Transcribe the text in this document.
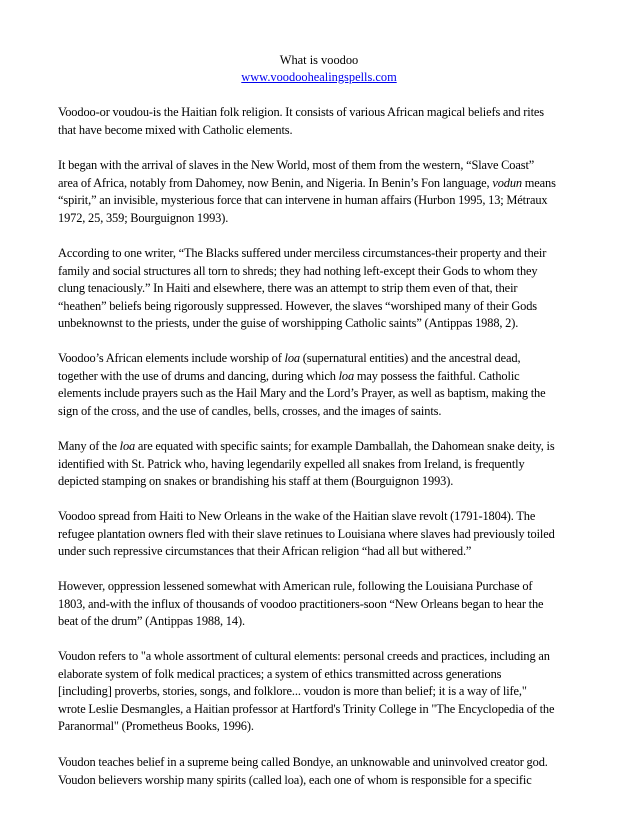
What is voodoo
www.voodoohealingspells.com

Voodoo-or voudou-is the Haitian folk religion. It consists of various African magical beliefs and rites
that have become mixed with Catholic elements.

It began with the arrival of slaves in the New World, most of them from the western, “Slave Coast”
area of Africa, notably from Dahomey, now Benin, and Nigeria. In Benin’s Fon language, vodun means
“spirit,” an invisible, mysterious force that can intervene in human affairs (Hurbon 1995, 13; Métraux
1972, 25, 359; Bourguignon 1993).

According to one writer, “The Blacks suffered under merciless circumstances-their property and their
family and social structures all torn to shreds; they had nothing left-except their Gods to whom they
clung tenaciously.” In Haiti and elsewhere, there was an attempt to strip them even of that, their
“heathen” beliefs being rigorously suppressed. However, the slaves “worshiped many of their Gods
unbeknownst to the priests, under the guise of worshipping Catholic saints” (Antippas 1988, 2).

Voodoo’s African elements include worship of loa (supernatural entities) and the ancestral dead,
together with the use of drums and dancing, during which loa may possess the faithful. Catholic
elements include prayers such as the Hail Mary and the Lord’s Prayer, as well as baptism, making the
sign of the cross, and the use of candles, bells, crosses, and the images of saints.

Many of the loa are equated with specific saints; for example Damballah, the Dahomean snake deity, is
identified with St. Patrick who, having legendarily expelled all snakes from Ireland, is frequently
depicted stamping on snakes or brandishing his staff at them (Bourguignon 1993).

Voodoo spread from Haiti to New Orleans in the wake of the Haitian slave revolt (1791-1804). The
refugee plantation owners fled with their slave retinues to Louisiana where slaves had previously toiled
under such repressive circumstances that their African religion “had all but withered.”

However, oppression lessened somewhat with American rule, following the Louisiana Purchase of
1803, and-with the influx of thousands of voodoo practitioners-soon “New Orleans began to hear the
beat of the drum” (Antippas 1988, 14).

Voudon refers to "a whole assortment of cultural elements: personal creeds and practices, including an
elaborate system of folk medical practices; a system of ethics transmitted across generations
[including] proverbs, stories, songs, and folklore... voudon is more than belief; it is a way of life,"
wrote Leslie Desmangles, a Haitian professor at Hartford's Trinity College in "The Encyclopedia of the
Paranormal" (Prometheus Books, 1996).

Voudon teaches belief in a supreme being called Bondye, an unknowable and uninvolved creator god.
Voudon believers worship many spirits (called loa), each one of whom is responsible for a specific
